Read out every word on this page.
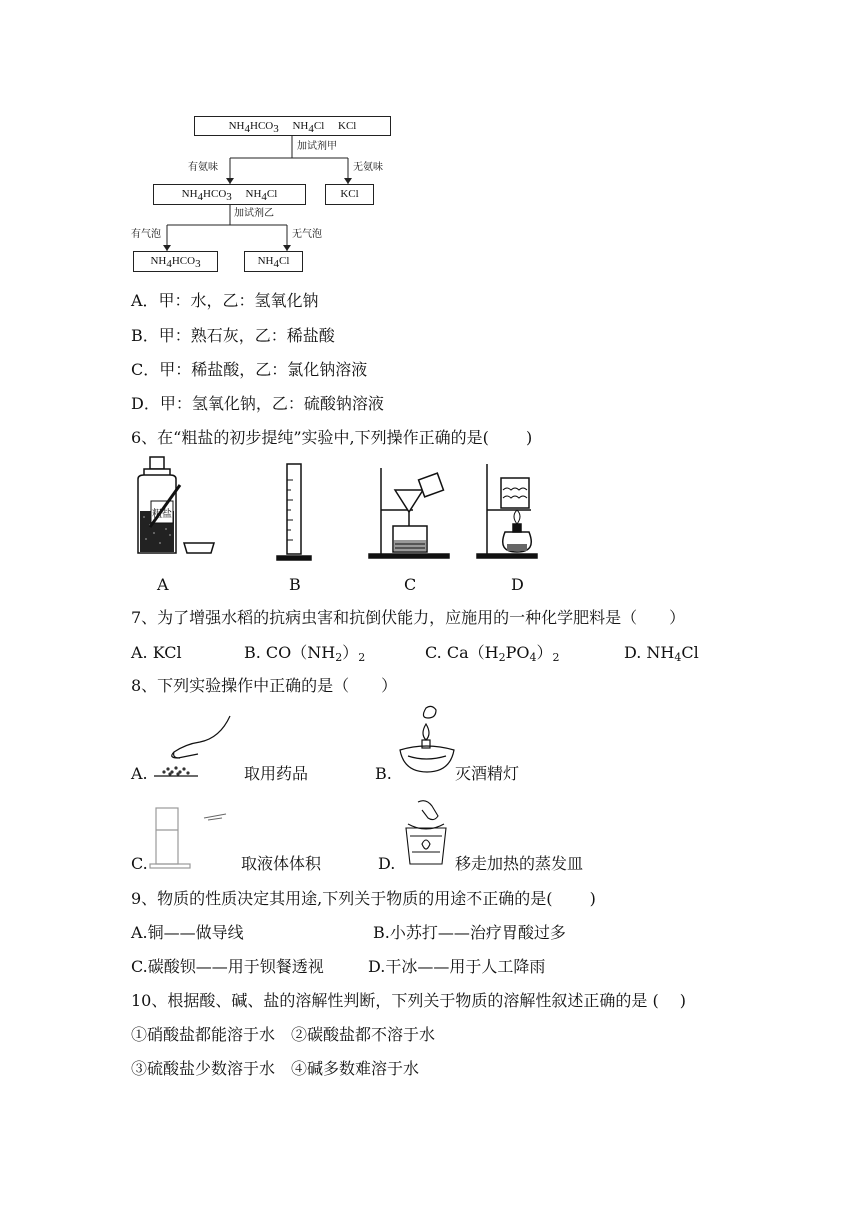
NH4HCO3 NH4Cl KCl
加试剂甲
有氨味	无氨味
NH4HCO3 NH4Cl	KCl
加试剂乙
有气泡	无气泡
NH4HCO3	NH4Cl
A．甲：水，乙：氢氧化钠
B．甲：熟石灰，乙：稀盐酸
C．甲：稀盐酸，乙：氯化钠溶液
D．甲：氢氧化钠，乙：硫酸钠溶液
6、在“粗盐的初步提纯”实验中,下列操作正确的是(　　 )
粗盐
A	B	C	D
7、为了增强水稻的抗病虫害和抗倒伏能力，应施用的一种化学肥料是（　　）
A. KCl	B. $CO(NH_2)_2$	C. $Ca(H_2PO_4)_2$	D. $NH_4Cl$
8、下列实验操作中正确的是（　　）
A.	取用药品	B.	灭酒精灯
C.	取液体体积	D.	移走加热的蒸发皿
9、物质的性质决定其用途,下列关于物质的用途不正确的是(　　 )
A.铜——做导线	B.小苏打——治疗胃酸过多
C.碳酸钡——用于钡餐透视	D.干冰——用于人工降雨
10、根据酸、碱、盐的溶解性判断，下列关于物质的溶解性叙述正确的是 (　 )
①硝酸盐都能溶于水　②碳酸盐都不溶于水
③硫酸盐少数溶于水　④碱多数难溶于水
